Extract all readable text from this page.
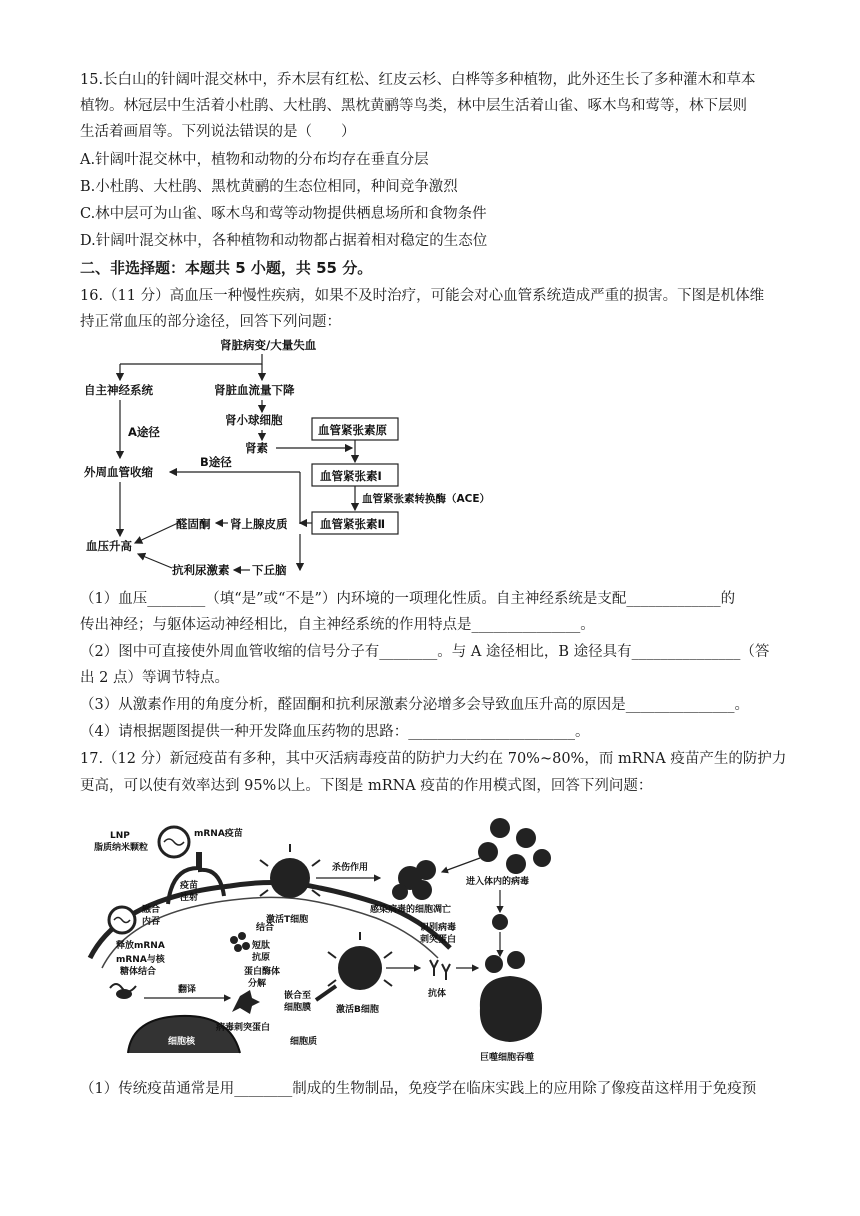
15.长白山的针阔叶混交林中，乔木层有红松、红皮云杉、白桦等多种植物，此外还生长了多种灌木和草本
植物。林冠层中生活着小杜鹃、大杜鹃、黑枕黄鹂等鸟类，林中层生活着山雀、啄木鸟和莺等，林下层则
生活着画眉等。下列说法错误的是（　　）
A.针阔叶混交林中，植物和动物的分布均存在垂直分层
B.小杜鹃、大杜鹃、黑枕黄鹂的生态位相同，种间竞争激烈
C.林中层可为山雀、啄木鸟和莺等动物提供栖息场所和食物条件
D.针阔叶混交林中，各种植物和动物都占据着相对稳定的生态位
二、非选择题：本题共 5 小题，共 55 分。
16.（11 分）高血压一种慢性疾病，如果不及时治疗，可能会对心血管系统造成严重的损害。下图是机体维
持正常血压的部分途径，回答下列问题：
肾脏病变/大量失血
自主神经系统	肾脏血流量下降
肾小球细胞
肾素
血管紧张素原
血管紧张素Ⅰ
血管紧张素转换酶（ACE）
血管紧张素Ⅱ
A途径
外周血管收缩
B途径
肾上腺皮质
醛固酮
血压升高
下丘脑
抗利尿激素
（1）血压________（填“是”或“不是”）内环境的一项理化性质。自主神经系统是支配_____________的
传出神经；与躯体运动神经相比，自主神经系统的作用特点是_______________。
（2）图中可直接使外周血管收缩的信号分子有________。与 A 途径相比，B 途径具有_______________（答
出 2 点）等调节特点。
（3）从激素作用的角度分析，醛固酮和抗利尿激素分泌增多会导致血压升高的原因是_______________。
（4）请根据题图提供一种开发降血压药物的思路：_______________________。
17.（12 分）新冠疫苗有多种，其中灭活病毒疫苗的防护力大约在 70%~80%，而 mRNA 疫苗产生的防护力
更高，可以使有效率达到 95%以上。下图是 mRNA 疫苗的作用模式图，回答下列问题：
LNP
脂质纳米颗粒
mRNA疫苗
疫苗
注射
融合
内吞
释放mRNA
mRNA与核
糖体结合
翻译
细胞核
病毒刺突蛋白
短肽
抗原
蛋白酶体
分解
结合
嵌合至
细胞膜
细胞质
激活T细胞
杀伤作用
感染病毒的细胞凋亡
进入体内的病毒
识别病毒
刺突蛋白
激活B细胞
抗体
巨噬细胞吞噬
（1）传统疫苗通常是用________制成的生物制品，免疫学在临床实践上的应用除了像疫苗这样用于免疫预
